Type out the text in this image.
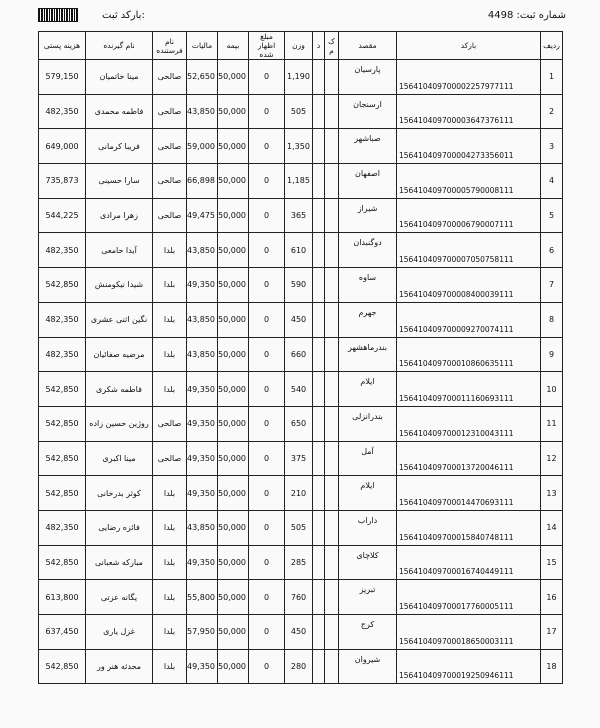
شماره ثبت: 4498
بارکد ثبت:
ردیف	بارکد	مقصد	ک م	د	وزن	مبلغ اظهار شده	بیمه	مالیات	نام فرستنده	نام گیرنده	هزینه پستی
1	156410409700002257977111	پارسیان			1,190	0	50,000	52,650	صالحی	مینا خاتمیان	579,150
2	156410409700003647376111	ارسنجان			505	0	50,000	43,850	صالحی	فاطمه محمدی	482,350
3	156410409700004273356011	صباشهر			1,350	0	50,000	59,000	صالحی	فریبا کرمانی	649,000
4	156410409700005790008111	اصفهان			1,185	0	50,000	66,898	صالحی	سارا حسینی	735,873
5	156410409700006790007111	شیراز			365	0	50,000	49,475	صالحی	زهرا مرادی	544,225
6	156410409700007050758111	دوگنبدان			610	0	50,000	43,850	بلدا	آیدا حامعی	482,350
7	156410409700008400039111	ساوه			590	0	50,000	49,350	بلدا	شیدا نیکومنش	542,850
8	156410409700009270074111	جهرم			450	0	50,000	43,850	بلدا	نگین اثنی عشری	482,350
9	156410409700010860635111	بندرماهشهر			660	0	50,000	43,850	بلدا	مرضیه صفائیان	482,350
10	156410409700011160693111	ایلام			540	0	50,000	49,350	بلدا	فاطمه شکری	542,850
11	156410409700012310043111	بندرانزلی			650	0	50,000	49,350	صالحی	روژین حسین زاده	542,850
12	156410409700013720046111	آمل			375	0	50,000	49,350	صالحی	مینا اکبری	542,850
13	156410409700014470693111	ایلام			210	0	50,000	49,350	بلدا	کوثر بدرخانی	542,850
14	156410409700015840748111	داراب			505	0	50,000	43,850	بلدا	فائزه رضایی	482,350
15	156410409700016740449111	کلاچای			285	0	50,000	49,350	بلدا	مبارکه شعبانی	542,850
16	156410409700017760005111	تبریز			760	0	50,000	55,800	بلدا	یگانه عزتی	613,800
17	156410409700018650003111	کرج			450	0	50,000	57,950	بلدا	غزل یاری	637,450
18	156410409700019250946111	شیروان			280	0	50,000	49,350	بلدا	محدثه هنر ور	542,850
